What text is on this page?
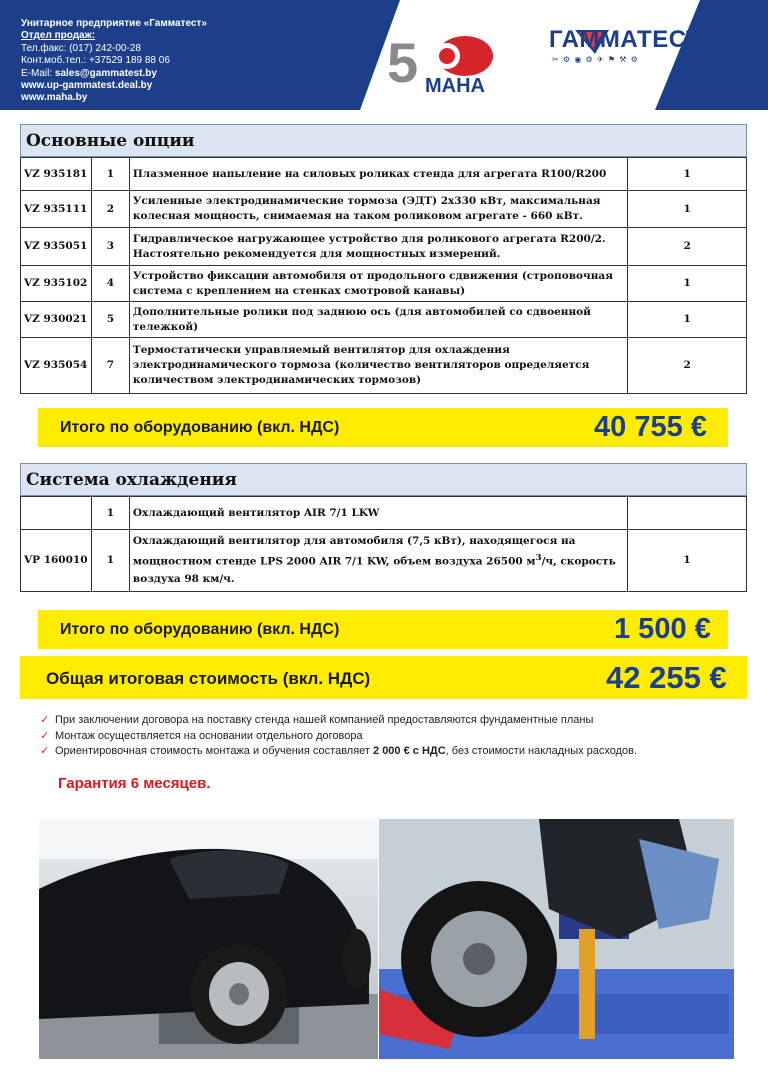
Унитарное предприятие «Гамматест»
Отдел продаж:
Тел.факс: (017) 242-00-28
Конт.моб.тел.: +37529 189 88 06
E-Mail: sales@gammatest.by
www.up-gammatest.deal.by
www.maha.by
5 МАНА
ГАММАТЕСТ
✂ ⚙ ◉ ⚙ ✈ ⚑ ⚒ ⚙
Основные опции
VZ 935181	1	Плазменное напыление на силовых роликах стенда для агрегата R100/R200	1
VZ 935111	2	Усиленные электродинамические тормоза (ЭДТ) 2х330 кВт, максимальная колесная мощность, снимаемая на таком роликовом агрегате - 660 кВт.	1
VZ 935051	3	Гидравлическое нагружающее устройство для роликового агрегата R200/2. Настоятельно рекомендуется для мощностных измерений.	2
VZ 935102	4	Устройство фиксации автомобиля от продольного сдвижения (строповочная система с креплением на стенках смотровой канавы)	1
VZ 930021	5	Дополнительные ролики под заднюю ось (для автомобилей со сдвоенной тележкой)	1
VZ 935054	7	Термостатически управляемый вентилятор для охлаждения электродинамического тормоза (количество вентиляторов определяется количеством электродинамических тормозов)	2
Итого по оборудованию (вкл. НДС)	40 755 €
Система охлаждения
	1	Охлаждающий вентилятор AIR 7/1 LKW	
VP 160010	1	Охлаждающий вентилятор для автомобиля (7,5 кВт), находящегося на мощностном стенде LPS 2000 AIR 7/1 KW, объем воздуха 26500 $м^3/ч$, скорость воздуха 98 км/ч.	1
Итого по оборудованию (вкл. НДС)	1 500 €
Общая итоговая стоимость (вкл. НДС)	42 255 €
✓ При заключении договора на поставку стенда нашей компанией предоставляются фундаментные планы
✓ Монтаж осуществляется на основании отдельного договора
✓ Ориентировочная стоимость монтажа и обучения составляет 2 000 € с НДС, без стоимости накладных расходов.
Гарантия 6 месяцев.
